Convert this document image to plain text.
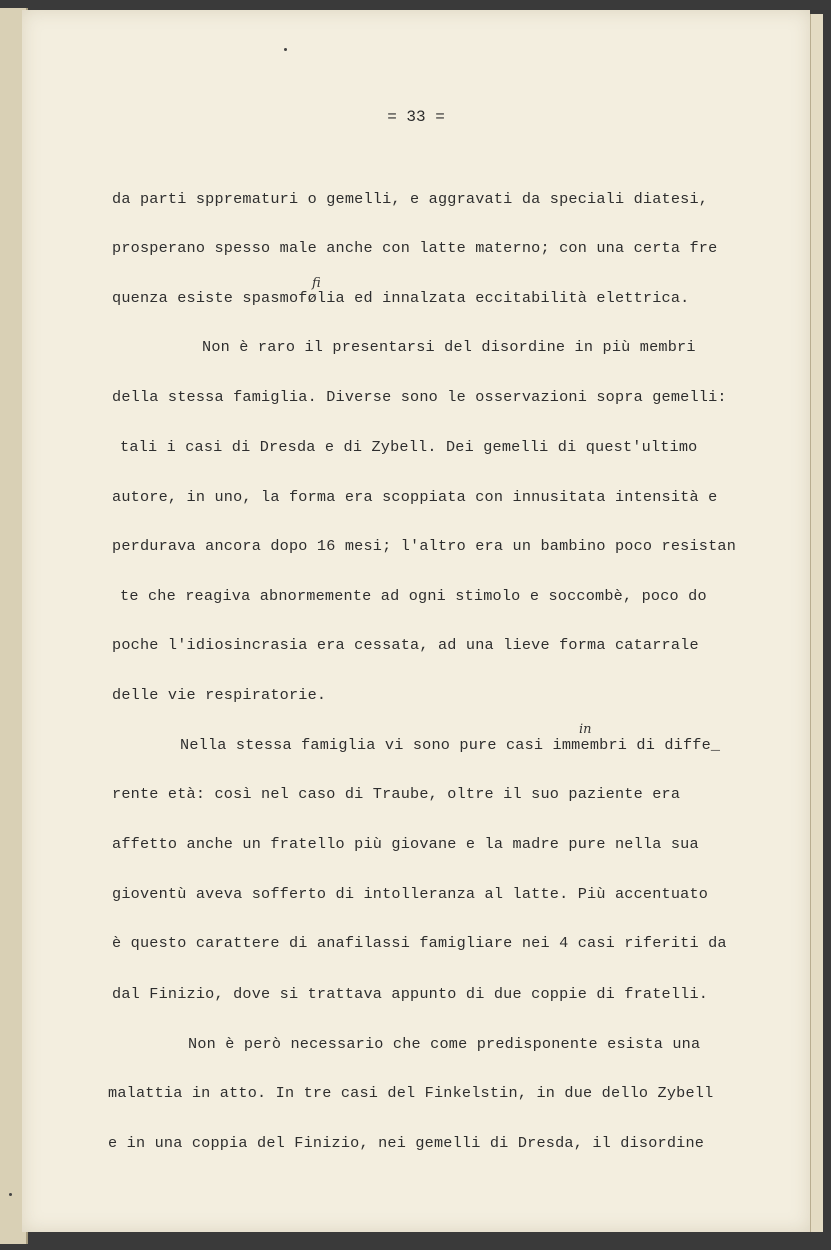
= 33 =
da parti spprematuri o gemelli, e aggravati da speciali diatesi,
prosperano spesso male anche con latte materno; con una certa fre
quenza esiste spasmofølia ed innalzata eccitabilità elettrica.
Non è raro il presentarsi del disordine in più membri
della stessa famiglia. Diverse sono le osservazioni sopra gemelli:
tali i casi di Dresda e di Zybell. Dei gemelli di quest'ultimo
autore, in uno, la forma era scoppiata con innusitata intensità e
perdurava ancora dopo 16 mesi; l'altro era un bambino poco resistan
te che reagiva abnormemente ad ogni stimolo e soccombè, poco do
poche l'idiosincrasia era cessata, ad una lieve forma catarrale
delle vie respiratorie.
Nella stessa famiglia vi sono pure casi immembri di diffe_
rente età: così nel caso di Traube, oltre il suo paziente era
affetto anche un fratello più giovane e la madre pure nella sua
gioventù aveva sofferto di intolleranza al latte. Più accentuato
è questo carattere di anafilassi famigliare nei 4 casi riferiti da
dal Finizio, dove si trattava appunto di due coppie di fratelli.
Non è però necessario che come predisponente esista una
malattia in atto. In tre casi del Finkelstin, in due dello Zybell
e in una coppia del Finizio, nei gemelli di Dresda, il disordine
fi
in
